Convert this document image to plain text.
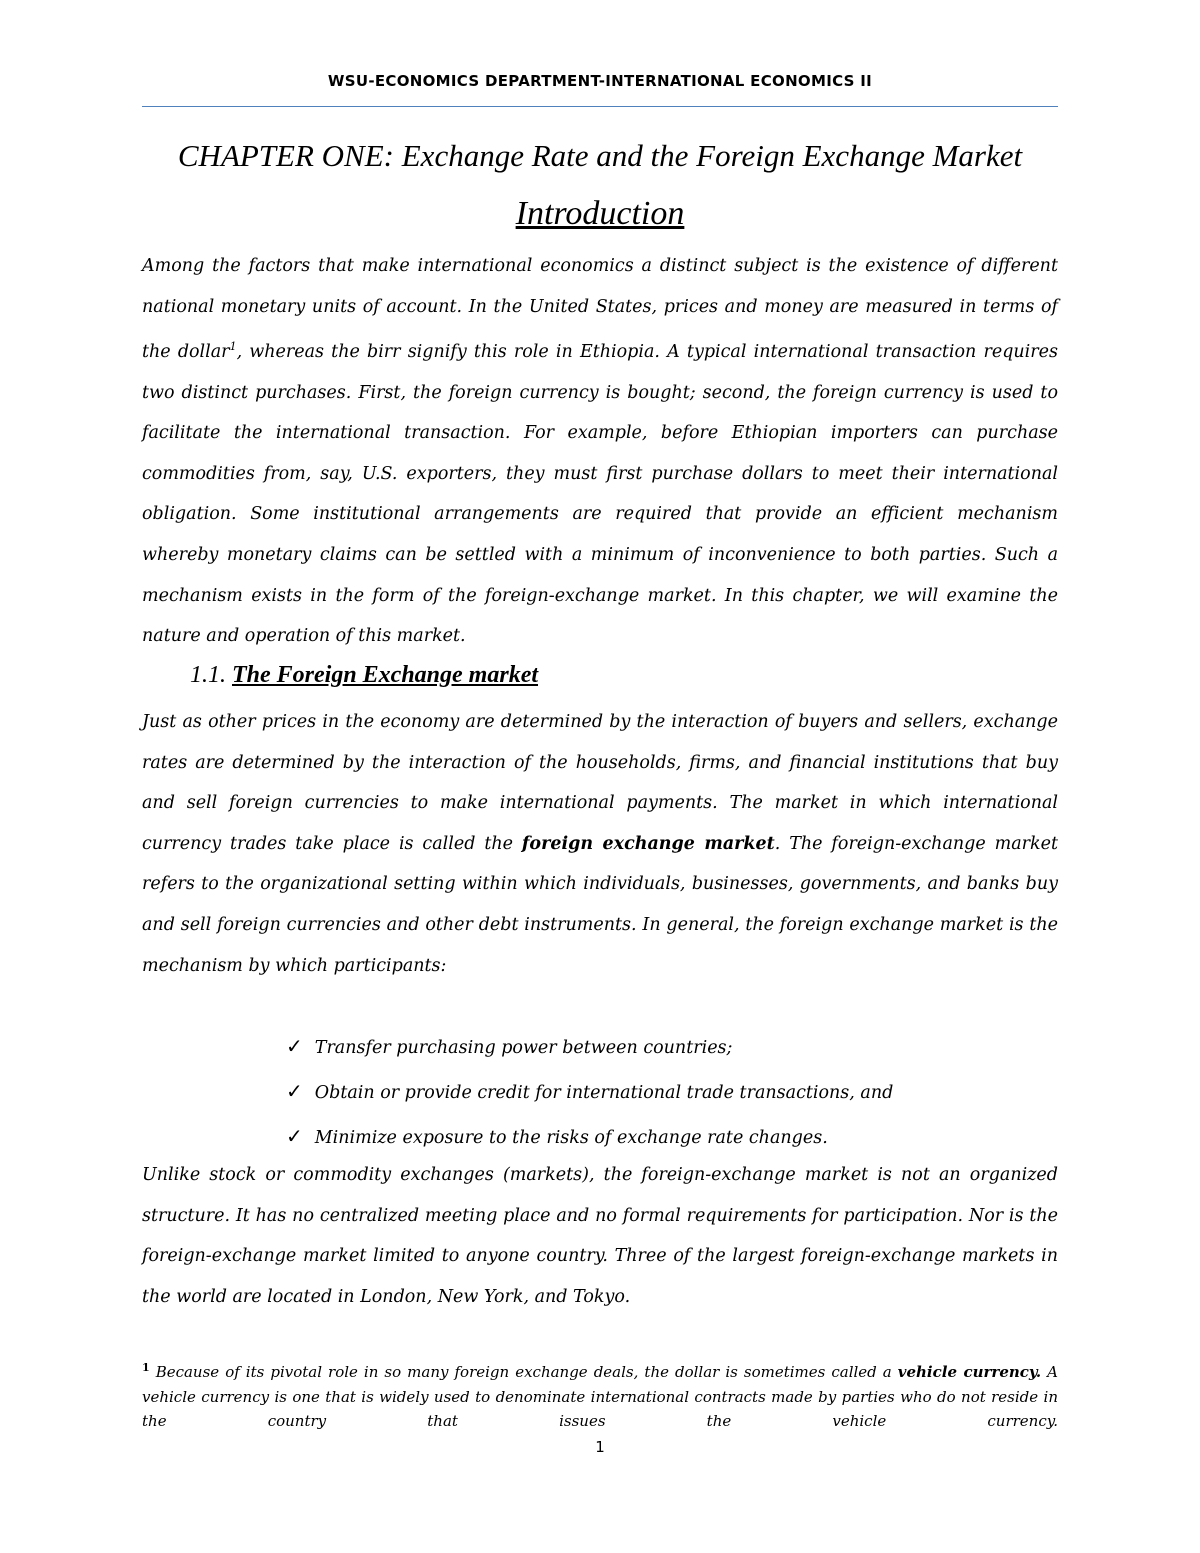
WSU-ECONOMICS DEPARTMENT-INTERNATIONAL ECONOMICS II
CHAPTER ONE: Exchange Rate and the Foreign Exchange Market
Introduction

Among the factors that make international economics a distinct subject is the existence of different national monetary units of account. In the United States, prices and money are measured in terms of the dollar$^1$, whereas the birr signify this role in Ethiopia. A typical international transaction requires two distinct purchases. First, the foreign currency is bought; second, the foreign currency is used to facilitate the international transaction. For example, before Ethiopian importers can purchase commodities from, say, U.S. exporters, they must first purchase dollars to meet their international obligation. Some institutional arrangements are required that provide an efficient mechanism whereby monetary claims can be settled with a minimum of inconvenience to both parties. Such a mechanism exists in the form of the foreign-exchange market. In this chapter, we will examine the nature and operation of this market.

1.1. The Foreign Exchange market

Just as other prices in the economy are determined by the interaction of buyers and sellers, exchange rates are determined by the interaction of the households, firms, and financial institutions that buy and sell foreign currencies to make international payments. The market in which international currency trades take place is called the foreign exchange market. The foreign-exchange market refers to the organizational setting within which individuals, businesses, governments, and banks buy and sell foreign currencies and other debt instruments. In general, the foreign exchange market is the mechanism by which participants:

✓ Transfer purchasing power between countries;
✓ Obtain or provide credit for international trade transactions, and
✓ Minimize exposure to the risks of exchange rate changes.

Unlike stock or commodity exchanges (markets), the foreign-exchange market is not an organized structure. It has no centralized meeting place and no formal requirements for participation. Nor is the foreign-exchange market limited to anyone country. Three of the largest foreign-exchange markets in the world are located in London, New York, and Tokyo.

$^1$ Because of its pivotal role in so many foreign exchange deals, the dollar is sometimes called a vehicle currency. A vehicle currency is one that is widely used to denominate international contracts made by parties who do not reside in the country that issues the vehicle currency.

1
